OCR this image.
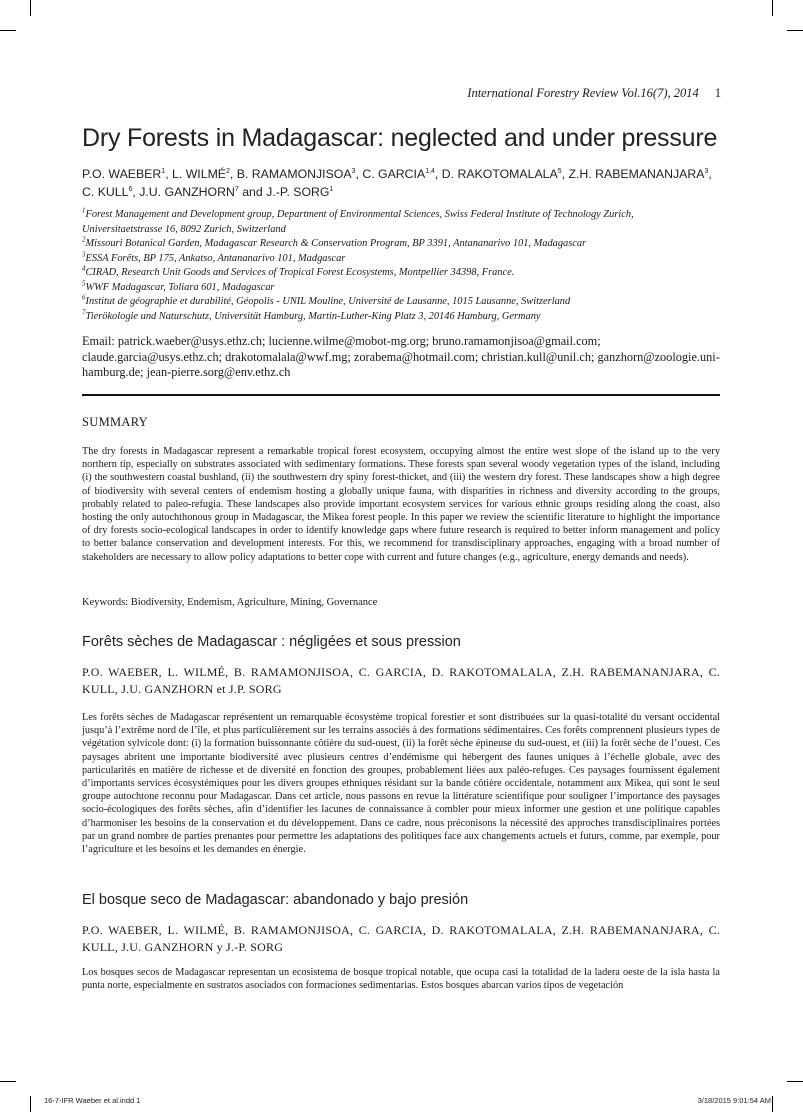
International Forestry Review Vol.16(7), 2014 1
Dry Forests in Madagascar: neglected and under pressure
P.O. WAEBER$^1$, L. WILMÉ$^2$, B. RAMAMONJISOA$^3$, C. GARCIA$^{1,4}$, D. RAKOTOMALALA$^5$, Z.H. RABEMANANJARA$^3$, C. KULL$^6$, J.U. GANZHORN$^7$ and J.-P. SORG$^1$
$^1$Forest Management and Development group, Department of Environmental Sciences, Swiss Federal Institute of Technology Zurich,
Universitaetstrasse 16, 8092 Zurich, Switzerland
$^2$Missouri Botanical Garden, Madagascar Research & Conservation Program, BP 3391, Antananarivo 101, Madagascar
$^3$ESSA Forêts, BP 175, Ankatso, Antananarivo 101, Madgascar
$^4$CIRAD, Research Unit Goods and Services of Tropical Forest Ecosystems, Montpellier 34398, France.
$^5$WWF Madagascar, Toliara 601, Madagascar
$^6$Institut de géographie et durabilité, Géopolis - UNIL Mouline, Université de Lausanne, 1015 Lausanne, Switzerland
$^7$Tierökologie und Naturschutz, Universität Hamburg, Martin-Luther-King Platz 3, 20146 Hamburg, Germany
Email: patrick.waeber@usys.ethz.ch; lucienne.wilme@mobot-mg.org; bruno.ramamonjisoa@gmail.com; claude.garcia@usys.ethz.ch; drakotomalala@wwf.mg; zorabema@hotmail.com; christian.kull@unil.ch; ganzhorn@zoologie.uni-hamburg.de; jean-pierre.sorg@env.ethz.ch
SUMMARY
The dry forests in Madagascar represent a remarkable tropical forest ecosystem, occupying almost the entire west slope of the island up to the very northern tip, especially on substrates associated with sedimentary formations. These forests span several woody vegetation types of the island, including (i) the southwestern coastal bushland, (ii) the southwestern dry spiny forest-thicket, and (iii) the western dry forest. These landscapes show a high degree of biodiversity with several centers of endemism hosting a globally unique fauna, with disparities in richness and diversity according to the groups, probably related to paleo-refugia. These landscapes also provide important ecosystem services for various ethnic groups residing along the coast, also hosting the only autochthonous group in Madagascar, the Mikea forest people. In this paper we review the scientific literature to highlight the importance of dry forests socio-ecological landscapes in order to identify knowledge gaps where future research is required to better inform management and policy to better balance conservation and development interests. For this, we recommend for transdisciplinary approaches, engaging with a broad number of stakeholders are necessary to allow policy adaptations to better cope with current and future changes (e.g., agriculture, energy demands and needs).
Keywords: Biodiversity, Endemism, Agriculture, Mining, Governance
Forêts sèches de Madagascar : négligées et sous pression
P.O. WAEBER, L. WILMÉ, B. RAMAMONJISOA, C. GARCIA, D. RAKOTOMALALA, Z.H. RABEMANANJARA, C. KULL, J.U. GANZHORN et J.P. SORG
Les forêts sèches de Madagascar représentent un remarquable écosystème tropical forestier et sont distribuées sur la quasi-totalité du versant occidental jusqu’à l’extrême nord de l’île, et plus particulièrement sur les terrains associés à des formations sédimentaires. Ces forêts comprennent plusieurs types de végétation sylvicole dont: (i) la formation buissonnante côtière du sud-ouest, (ii) la forêt sèche épineuse du sud-ouest, et (iii) la forêt sèche de l’ouest. Ces paysages abritent une importante biodiversité avec plusieurs centres d’endémisme qui hébergent des faunes uniques à l’échelle globale, avec des particularités en matière de richesse et de diversité en fonction des groupes, probablement liées aux paléo-refuges. Ces paysages fournissent également d’importants services écosystémiques pour les divers groupes ethniques résidant sur la bande côtière occidentale, notamment aux Mikea, qui sont le seul groupe autochtone reconnu pour Madagascar. Dans cet article, nous passons en revue la littérature scientifique pour souligner l’importance des paysages socio-écologiques des forêts sèches, afin d’identifier les lacunes de connaissance à combler pour mieux informer une gestion et une politique capables d’harmoniser les besoins de la conservation et du développement. Dans ce cadre, nous préconisons la nécessité des approches transdisciplinaires portées par un grand nombre de parties prenantes pour permettre les adaptations des politiques face aux changements actuels et futurs, comme, par exemple, pour l’agriculture et les besoins et les demandes en énergie.
El bosque seco de Madagascar: abandonado y bajo presión
P.O. WAEBER, L. WILMÉ, B. RAMAMONJISOA, C. GARCIA, D. RAKOTOMALALA, Z.H. RABEMANANJARA, C. KULL, J.U. GANZHORN y J.-P. SORG
Los bosques secos de Madagascar representan un ecosistema de bosque tropical notable, que ocupa casi la totalidad de la ladera oeste de la isla hasta la punta norte, especialmente en sustratos asociados con formaciones sedimentarias. Estos bosques abarcan varios tipos de vegetación
16-7-IFR Waeber et al.indd 1	3/18/2015 9:01:54 AM
